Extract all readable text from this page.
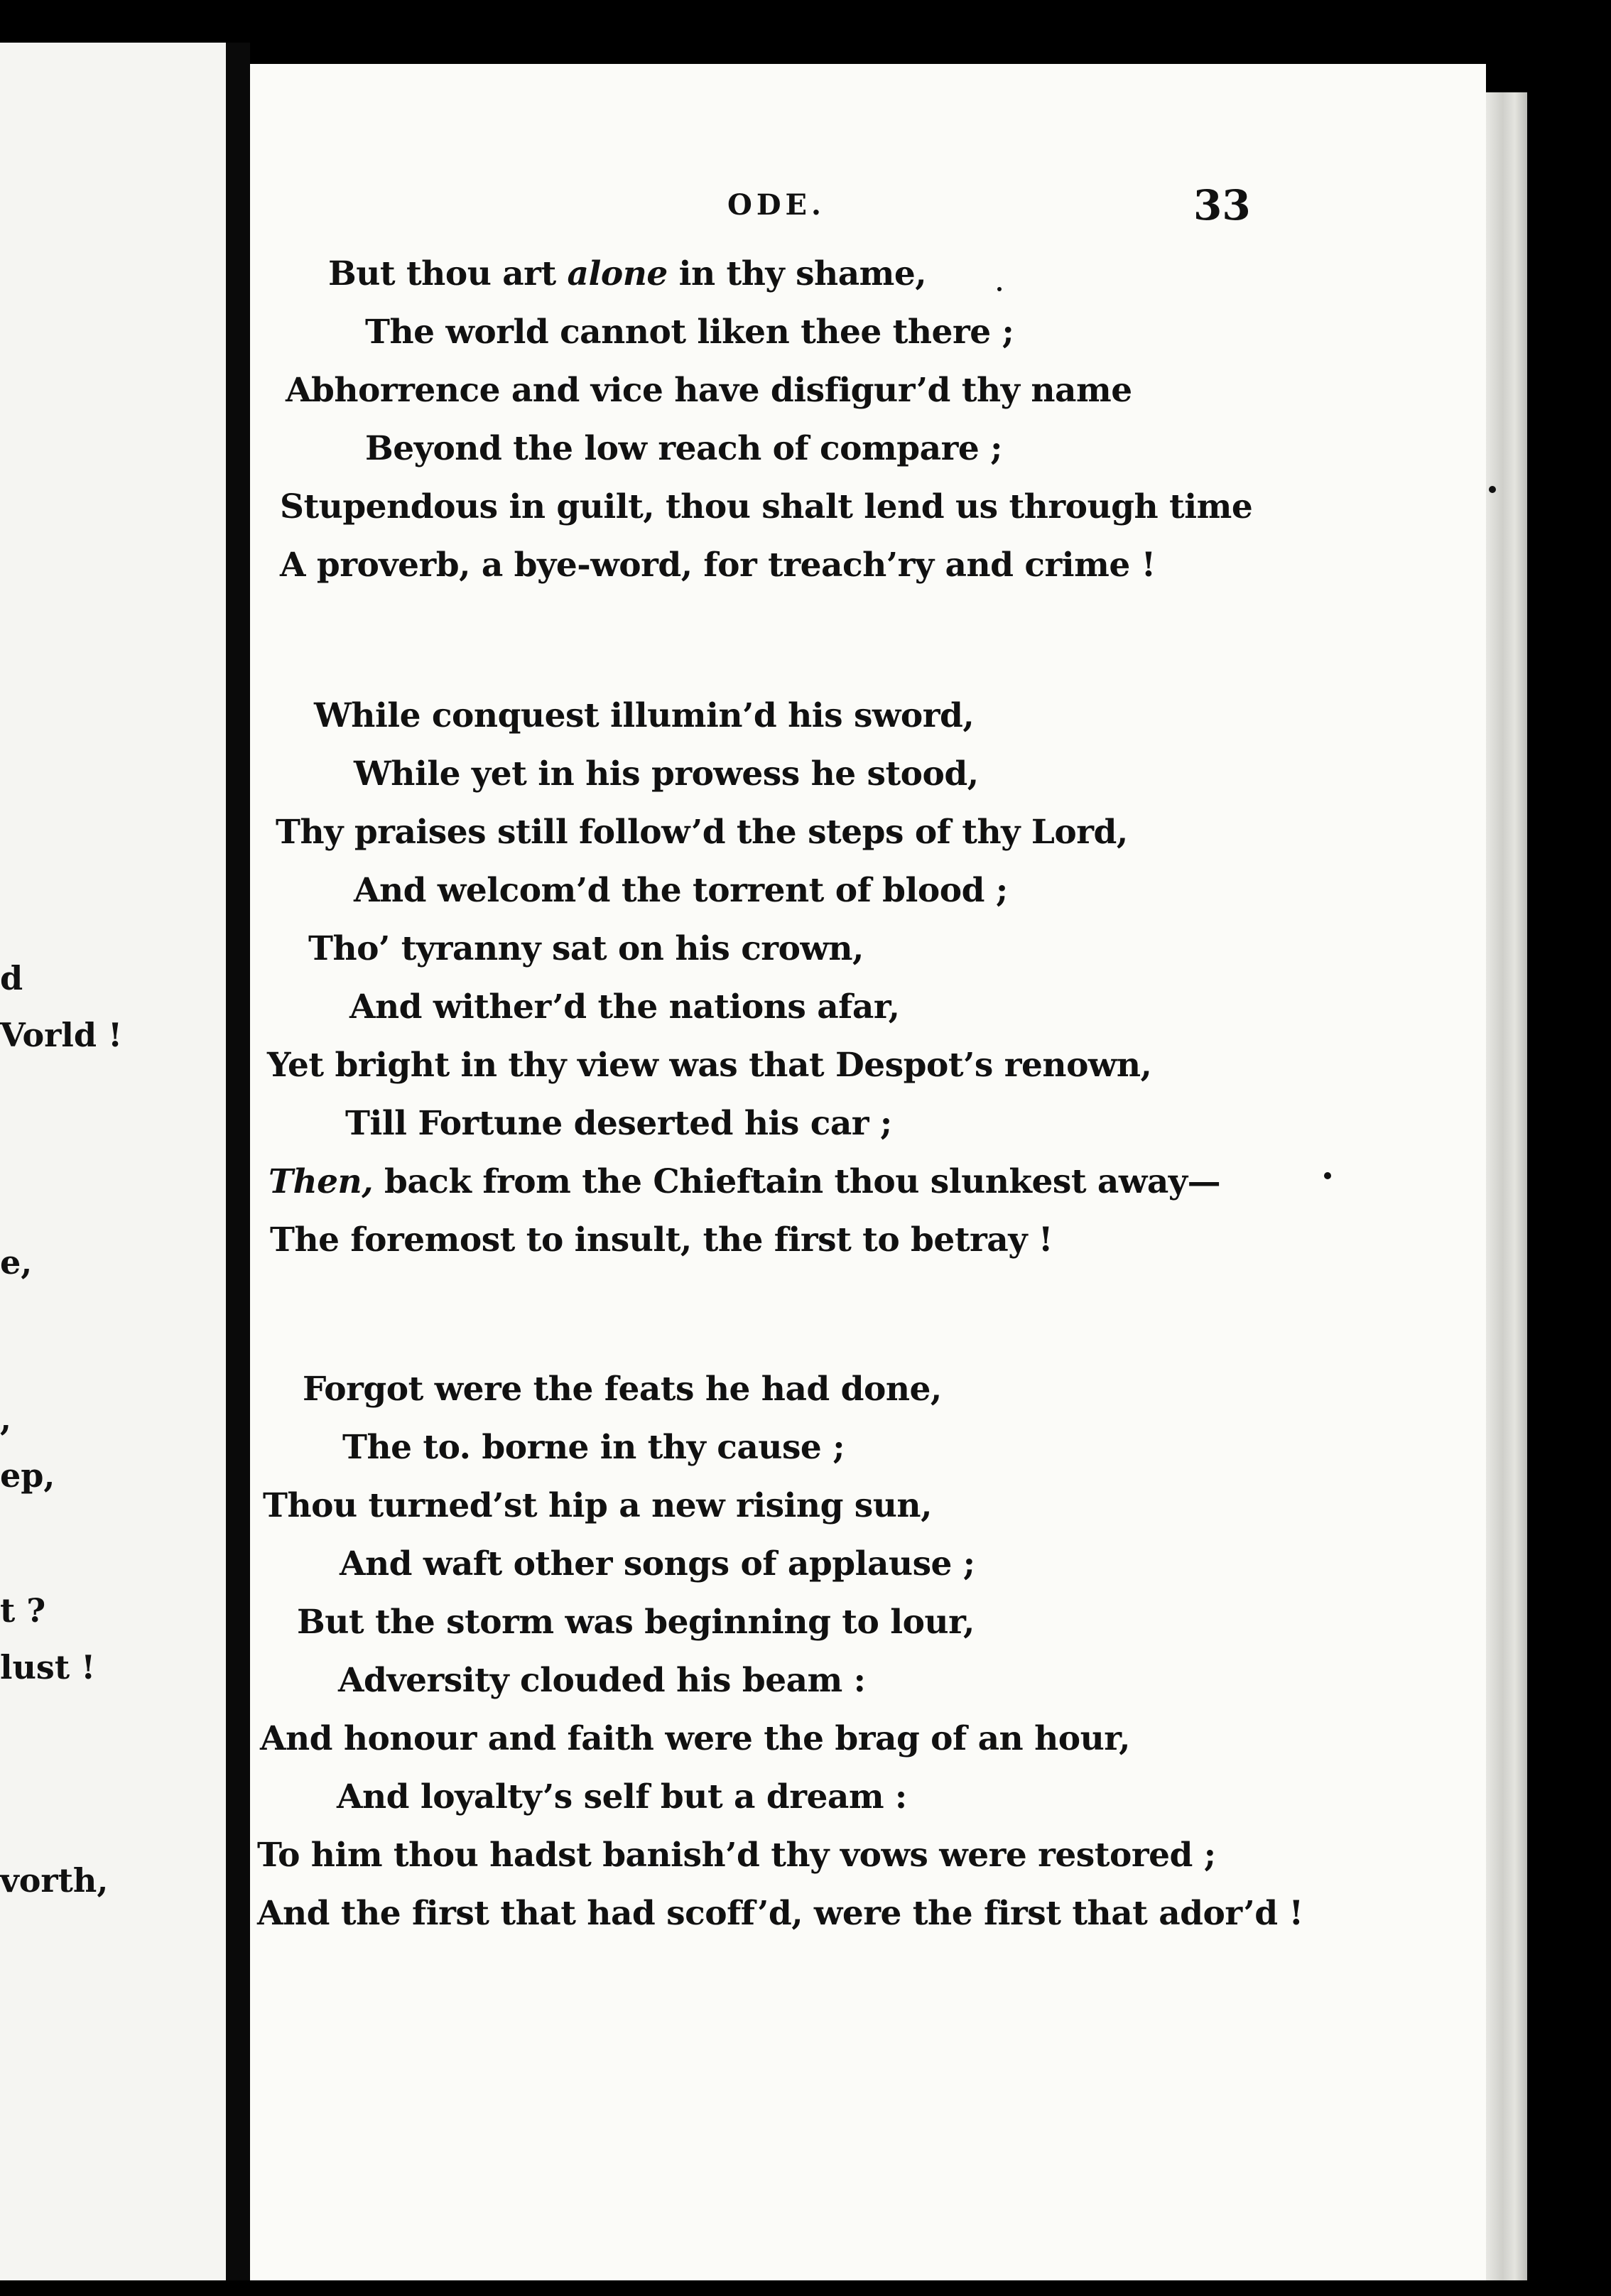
d
Vorld !
e,
,
ep,
t ?
lust !
vorth,
ODE.	33
But thou art alone in thy shame,
The world cannot liken thee there ;
Abhorrence and vice have disfigur’d thy name
Beyond the low reach of compare ;
Stupendous in guilt, thou shalt lend us through time
A proverb, a bye-word, for treach’ry and crime !
While conquest illumin’d his sword,
While yet in his prowess he stood,
Thy praises still follow’d the steps of thy Lord,
And welcom’d the torrent of blood ;
Tho’ tyranny sat on his crown,
And wither’d the nations afar,
Yet bright in thy view was that Despot’s renown,
Till Fortune deserted his car ;
Then, back from the Chieftain thou slunkest away—
The foremost to insult, the first to betray !
Forgot were the feats he had done,
The to. borne in thy cause ;
Thou turned’st hip a new rising sun,
And waft other songs of applause ;
But the storm was beginning to lour,
Adversity clouded his beam :
And honour and faith were the brag of an hour,
And loyalty’s self but a dream :
To him thou hadst banish’d thy vows were restored ;
And the first that had scoff’d, were the first that ador’d !
